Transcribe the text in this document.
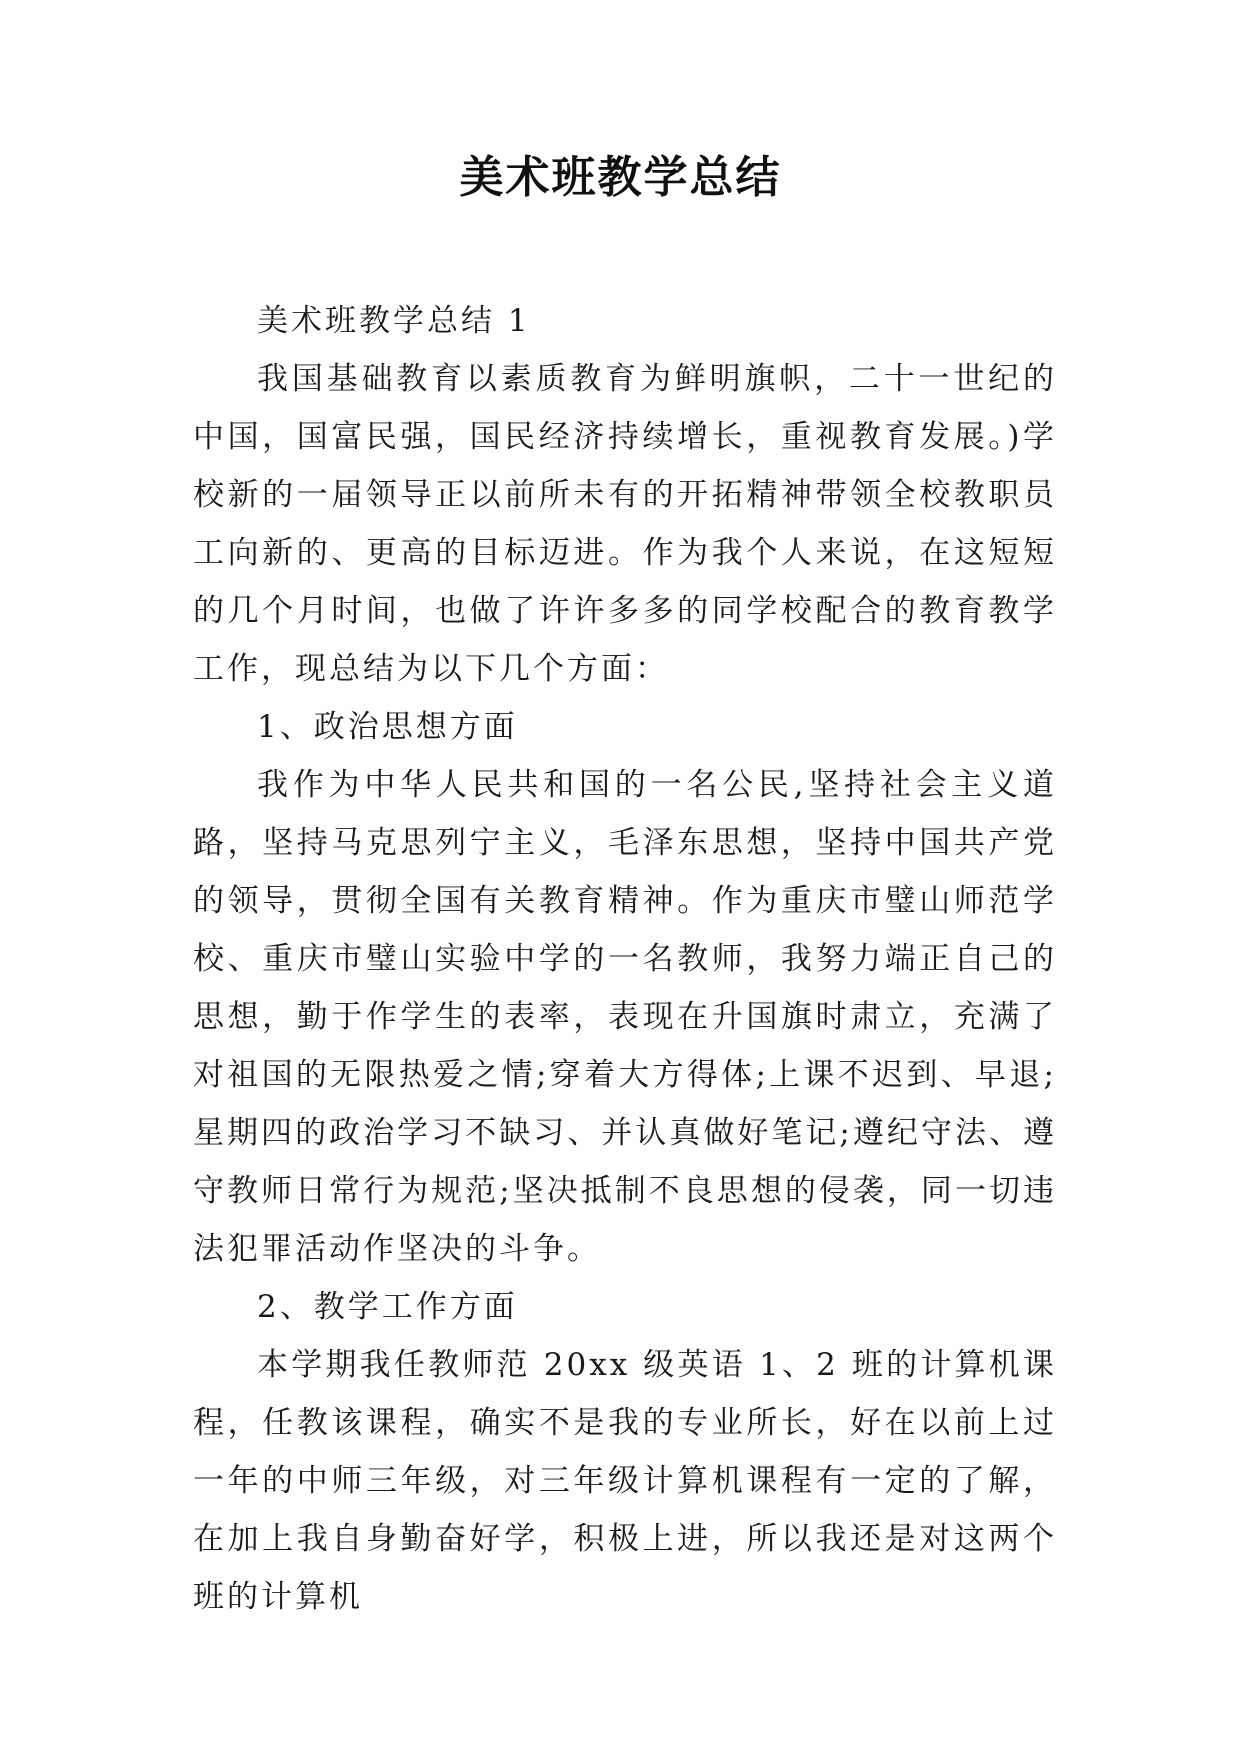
美术班教学总结

美术班教学总结 1

我国基础教育以素质教育为鲜明旗帜，二十一世纪的中国，国富民强，国民经济持续增长，重视教育发展。)学校新的一届领导正以前所未有的开拓精神带领全校教职员工向新的、更高的目标迈进。作为我个人来说，在这短短的几个月时间，也做了许许多多的同学校配合的教育教学工作，现总结为以下几个方面：

1、政治思想方面

我作为中华人民共和国的一名公民,坚持社会主义道路，坚持马克思列宁主义，毛泽东思想，坚持中国共产党的领导，贯彻全国有关教育精神。作为重庆市璧山师范学校、重庆市璧山实验中学的一名教师，我努力端正自己的思想，勤于作学生的表率，表现在升国旗时肃立，充满了对祖国的无限热爱之情;穿着大方得体;上课不迟到、早退;星期四的政治学习不缺习、并认真做好笔记;遵纪守法、遵守教师日常行为规范;坚决抵制不良思想的侵袭，同一切违法犯罪活动作坚决的斗争。

2、教学工作方面

本学期我任教师范 20xx 级英语 1、2 班的计算机课程，任教该课程，确实不是我的专业所长，好在以前上过一年的中师三年级，对三年级计算机课程有一定的了解，在加上我自身勤奋好学，积极上进，所以我还是对这两个班的计算机
